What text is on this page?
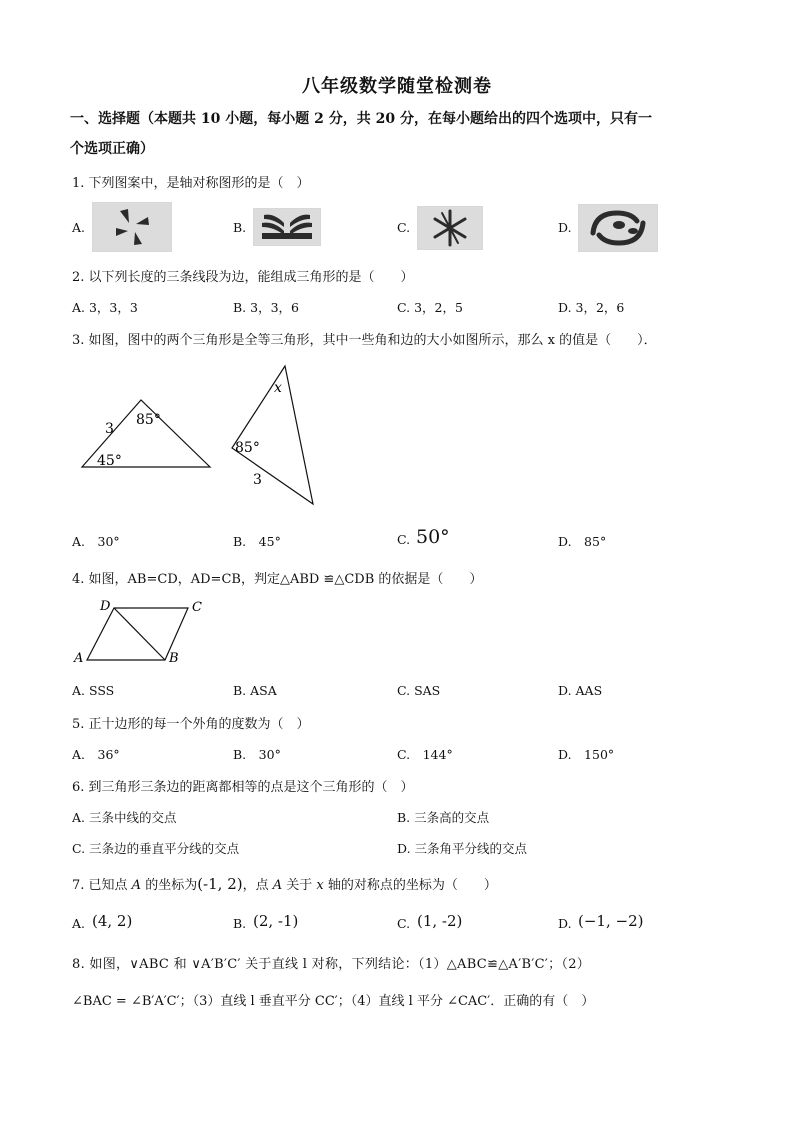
八年级数学随堂检测卷
一、选择题（本题共 10 小题，每小题 2 分，共 20 分，在每小题给出的四个选项中，只有一
个选项正确）
1. 下列图案中，是轴对称图形的是（　）
A.	B.	C.	D.
2. 以下列长度的三条线段为边，能组成三角形的是（　　）
A. 3，3，3	B. 3，3，6	C. 3，2，5	D. 3，2，6
3. 如图，图中的两个三角形是全等三角形，其中一些角和边的大小如图所示，那么 x 的值是（　　）．
3
85°
45°
x
85°
3
A.　30°	B.　45°	C. 50°	D.　85°
4. 如图，AB=CD，AD=CB，判定△ABD ≌△CDB 的依据是（　　）
D	C
A	B
A. SSS	B. ASA	C. SAS	D. AAS
5. 正十边形的每一个外角的度数为（　）
A.　36°	B.　30°	C.　144°	D.　150°
6. 到三角形三条边的距离都相等的点是这个三角形的（　）
A. 三条中线的交点	B. 三条高的交点
C. 三条边的垂直平分线的交点	D. 三条角平分线的交点
7. 已知点 A 的坐标为(-1, 2)，点 A 关于 x 轴的对称点的坐标为（　　）
A. (4, 2)	B. (2, -1)	C. (1, -2)	D. (−1, −2)
8. 如图，∨ABC 和 ∨A′B′C′ 关于直线 l 对称，下列结论：（1）△ABC≌△A′B′C′；（2）
∠BAC = ∠B′A′C′；（3）直线 l 垂直平分 CC′；（4）直线 l 平分 ∠CAC′．正确的有（　）
